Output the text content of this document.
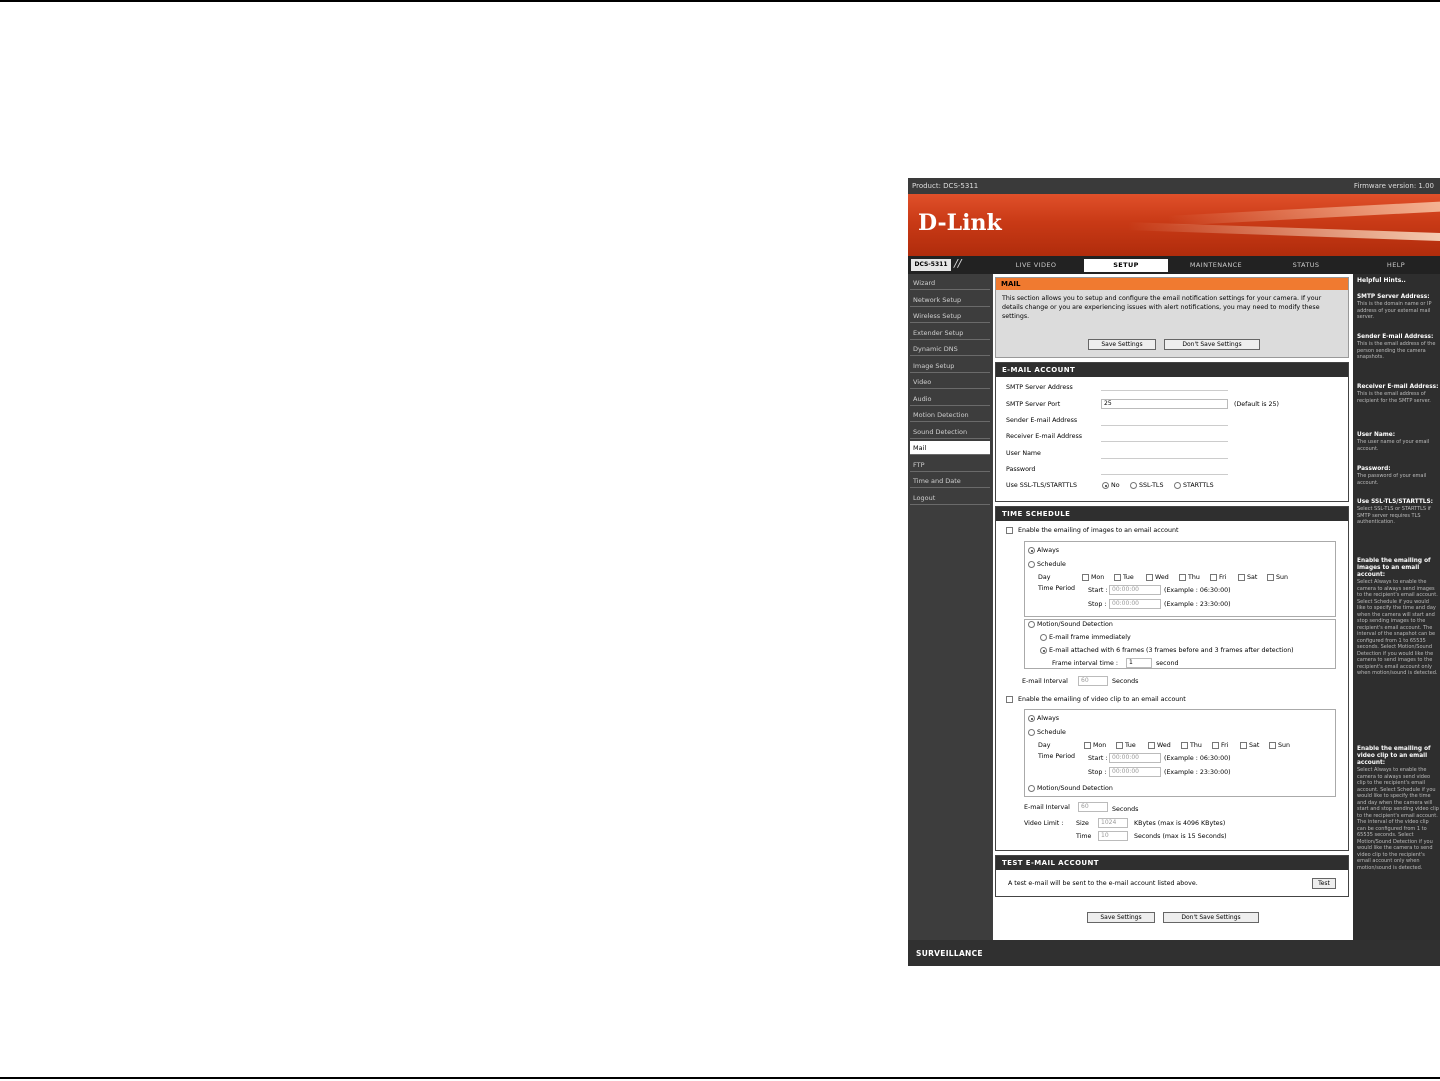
Product: DCS-5311	Firmware version: 1.00
D-Link
DCS-5311 //	LIVE VIDEO	SETUP	MAINTENANCE	STATUS	HELP
Wizard
Network Setup
Wireless Setup
Extender Setup
Dynamic DNS
Image Setup
Video
Audio
Motion Detection
Sound Detection
Mail
FTP
Time and Date
Logout
MAIL
This section allows you to setup and configure the email notification settings for your camera. If your details change or you are experiencing issues with alert notifications, you may need to modify these settings.
Save Settings	Don't Save Settings
E-MAIL ACCOUNT
SMTP Server Address
SMTP Server Port	25	(Default is 25)
Sender E-mail Address
Receiver E-mail Address
User Name
Password
Use SSL-TLS/STARTTLS	No	SSL-TLS	STARTTLS
TIME SCHEDULE
Enable the emailing of images to an email account
Always
Schedule
Day	Mon	Tue	Wed	Thu	Fri	Sat	Sun
Time Period Start : 00:00:00	(Example : 06:30:00)
Stop : 00:00:00	(Example : 23:30:00)
Motion/Sound Detection
E-mail frame immediately
E-mail attached with 6 frames (3 frames before and 3 frames after detection)
Frame interval time :	1	second
E-mail Interval	60	Seconds
Enable the emailing of video clip to an email account
Always
Schedule
Day	Mon	Tue	Wed	Thu	Fri	Sat	Sun
Time Period Start : 00:00:00	(Example : 06:30:00)
Stop : 00:00:00	(Example : 23:30:00)
Motion/Sound Detection
E-mail Interval	60	Seconds
Video Limit : Size	1024	KBytes (max is 4096 KBytes)
Time	10	Seconds (max is 15 Seconds)
TEST E-MAIL ACCOUNT
A test e-mail will be sent to the e-mail account listed above.	Test
Save Settings	Don't Save Settings
Helpful Hints..
SMTP Server Address:
This is the domain name or IP address of your external mail server.
Sender E-mail Address:
This is the email address of the person sending the camera snapshots.
Receiver E-mail Address:
This is the email address of recipient for the SMTP server.
User Name:
The user name of your email account.
Password:
The password of your email account.
Use SSL-TLS/STARTTLS:
Select SSL-TLS or STARTTLS if SMTP server requires TLS authentication.
Enable the emailing of images to an email account:
Select Always to enable the camera to always send images to the recipient's email account. Select Schedule if you would like to specify the time and day when the camera will start and stop sending images to the recipient's email account. The interval of the snapshot can be configured from 1 to 65535 seconds. Select Motion/Sound Detection if you would like the camera to send images to the recipient's email account only when motion/sound is detected.
Enable the emailing of video clip to an email account:
Select Always to enable the camera to always send video clip to the recipient's email account. Select Schedule if you would like to specify the time and day when the camera will start and stop sending video clip to the recipient's email account. The interval of the video clip can be configured from 1 to 65535 seconds. Select Motion/Sound Detection if you would like the camera to send video clip to the recipient's email account only when motion/sound is detected.
SURVEILLANCE
